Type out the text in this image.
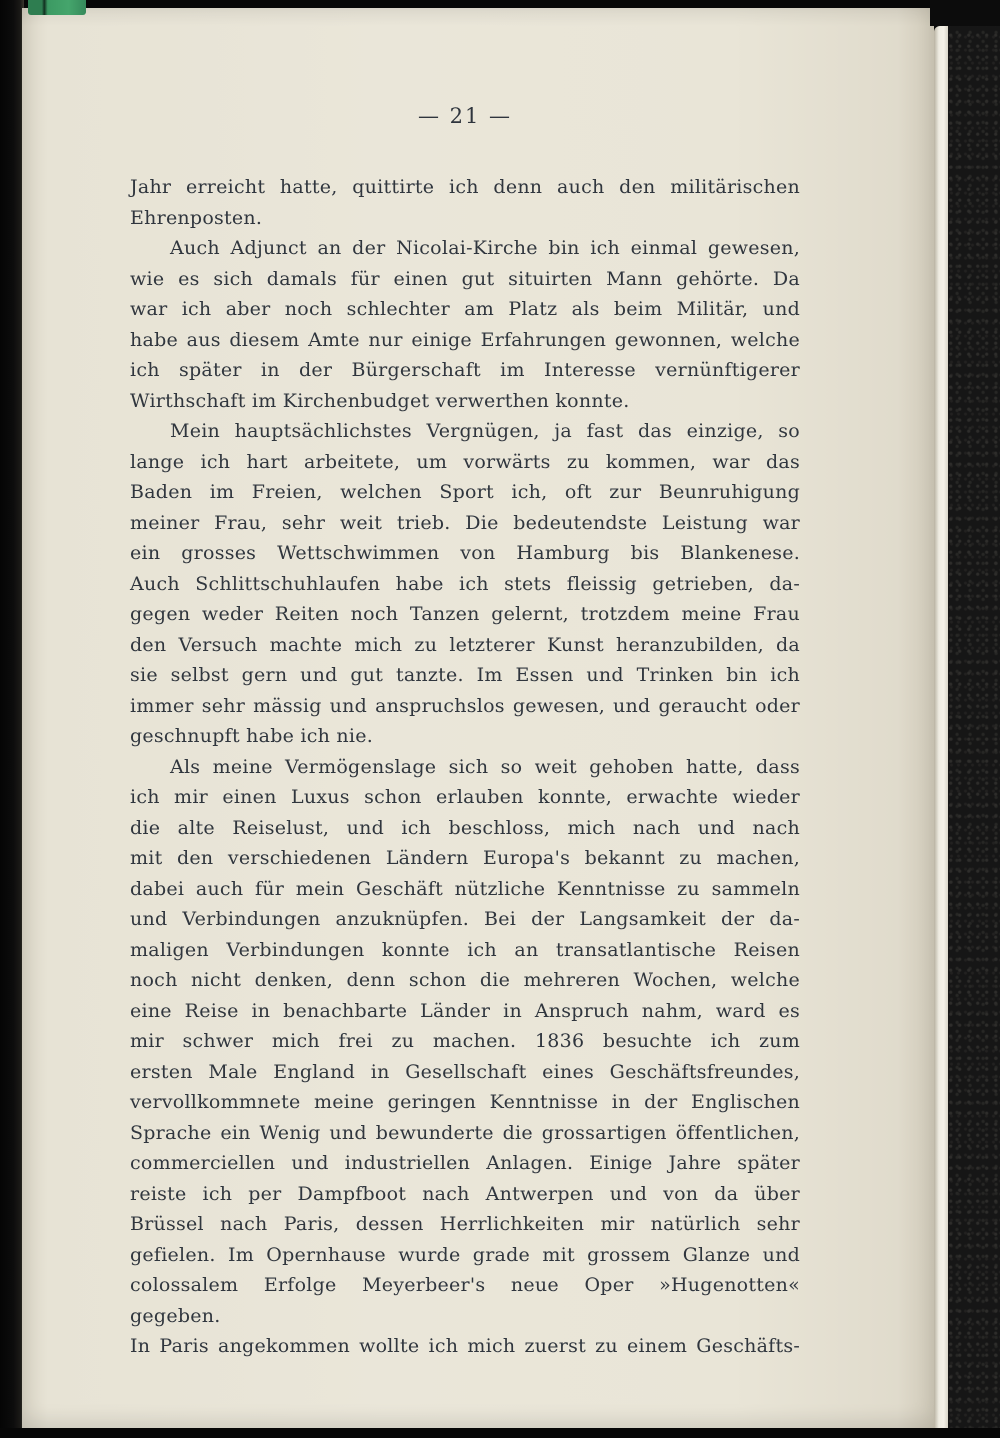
— 21 —
Jahr erreicht hatte, quittirte ich denn auch den militärischen
Ehrenposten.
Auch Adjunct an der Nicolai-Kirche bin ich einmal gewesen,
wie es sich damals für einen gut situirten Mann gehörte. Da
war ich aber noch schlechter am Platz als beim Militär, und
habe aus diesem Amte nur einige Erfahrungen gewonnen, welche
ich später in der Bürgerschaft im Interesse vernünftigerer
Wirthschaft im Kirchenbudget verwerthen konnte.
Mein hauptsächlichstes Vergnügen, ja fast das einzige, so
lange ich hart arbeitete, um vorwärts zu kommen, war das
Baden im Freien, welchen Sport ich, oft zur Beunruhigung
meiner Frau, sehr weit trieb. Die bedeutendste Leistung war
ein grosses Wettschwimmen von Hamburg bis Blankenese.
Auch Schlittschuhlaufen habe ich stets fleissig getrieben, da-
gegen weder Reiten noch Tanzen gelernt, trotzdem meine Frau
den Versuch machte mich zu letzterer Kunst heranzubilden, da
sie selbst gern und gut tanzte. Im Essen und Trinken bin ich
immer sehr mässig und anspruchslos gewesen, und geraucht oder
geschnupft habe ich nie.
Als meine Vermögenslage sich so weit gehoben hatte, dass
ich mir einen Luxus schon erlauben konnte, erwachte wieder
die alte Reiselust, und ich beschloss, mich nach und nach
mit den verschiedenen Ländern Europa's bekannt zu machen,
dabei auch für mein Geschäft nützliche Kenntnisse zu sammeln
und Verbindungen anzuknüpfen. Bei der Langsamkeit der da-
maligen Verbindungen konnte ich an transatlantische Reisen
noch nicht denken, denn schon die mehreren Wochen, welche
eine Reise in benachbarte Länder in Anspruch nahm, ward es
mir schwer mich frei zu machen. 1836 besuchte ich zum
ersten Male England in Gesellschaft eines Geschäftsfreundes,
vervollkommnete meine geringen Kenntnisse in der Englischen
Sprache ein Wenig und bewunderte die grossartigen öffentlichen,
commerciellen und industriellen Anlagen. Einige Jahre später
reiste ich per Dampfboot nach Antwerpen und von da über
Brüssel nach Paris, dessen Herrlichkeiten mir natürlich sehr
gefielen. Im Opernhause wurde grade mit grossem Glanze und
colossalem Erfolge Meyerbeer's neue Oper »Hugenotten« gegeben.
In Paris angekommen wollte ich mich zuerst zu einem Geschäfts-
